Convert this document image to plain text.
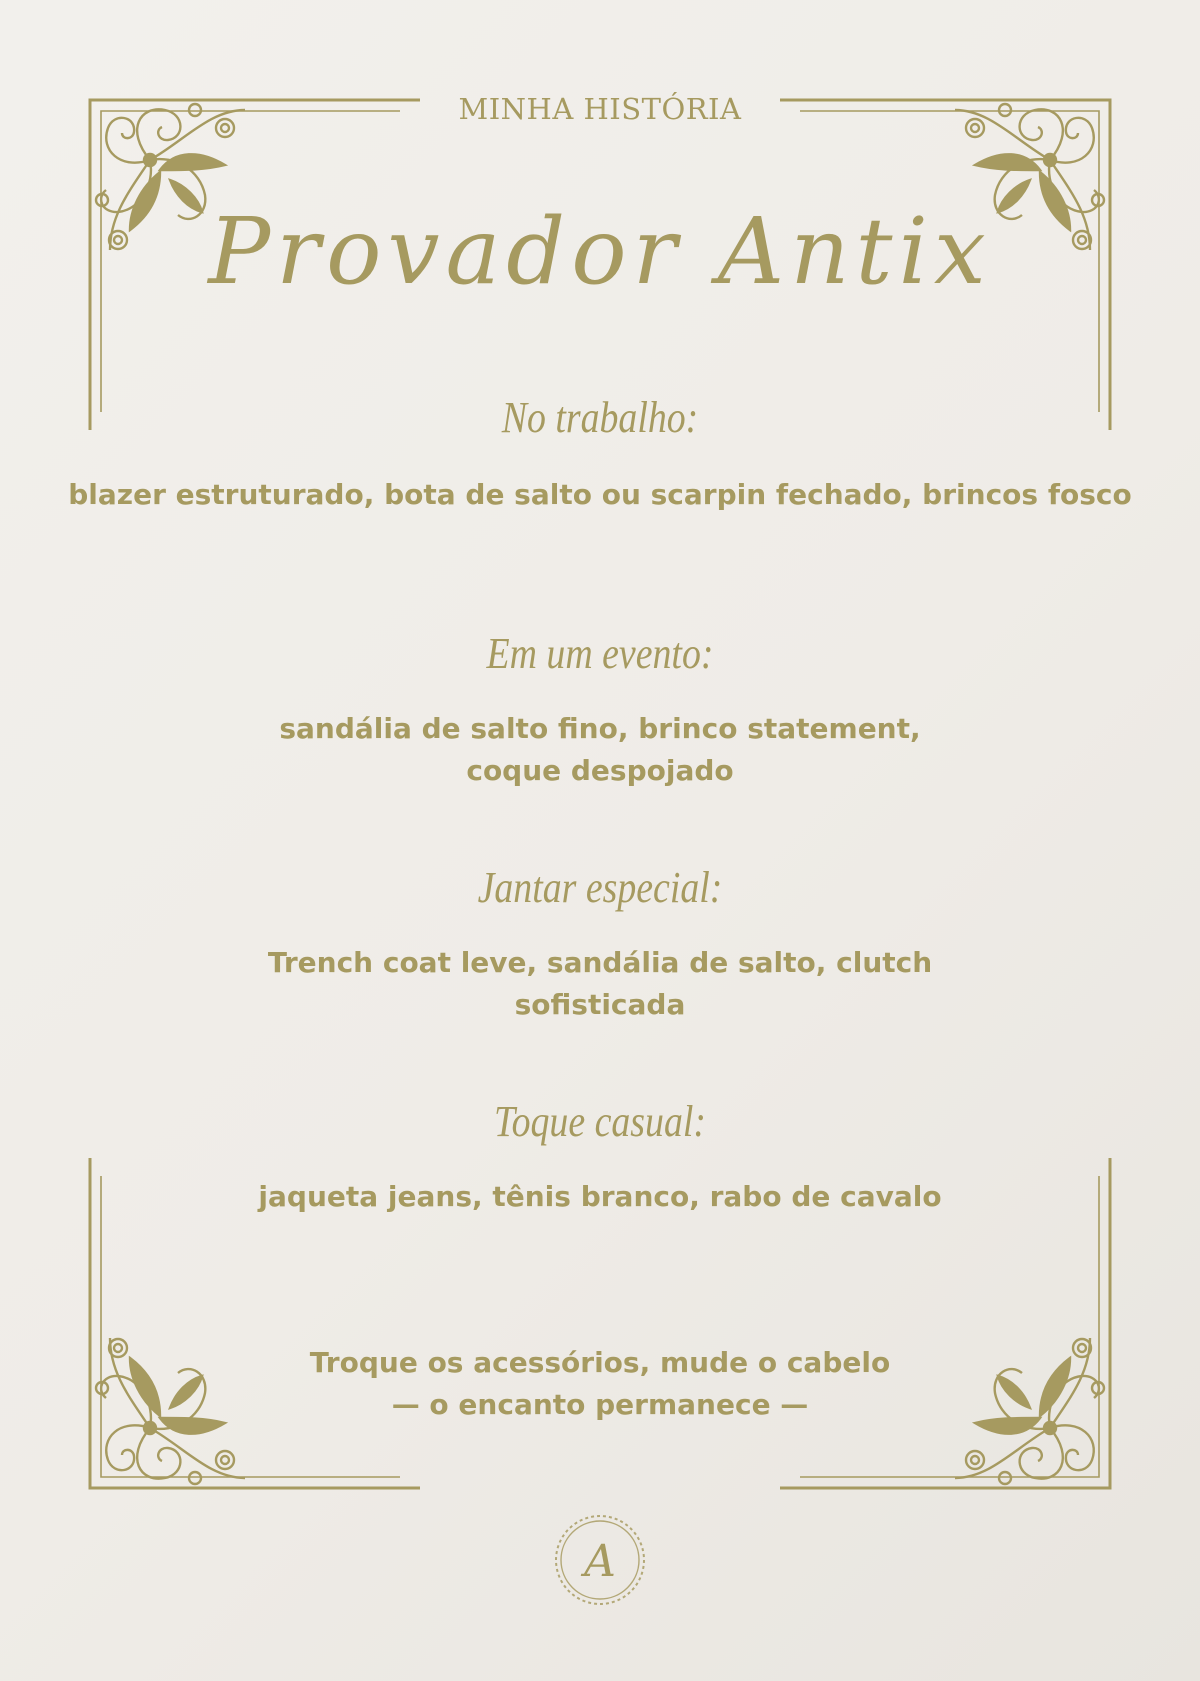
MINHA HISTÓRIA
Provador Antix
No trabalho:
blazer estruturado, bota de salto ou scarpin fechado, brincos fosco
Em um evento:
sandália de salto fino, brinco statement,
coque despojado
Jantar especial:
Trench coat leve, sandália de salto, clutch
sofisticada
Toque casual:
jaqueta jeans, tênis branco, rabo de cavalo
Troque os acessórios, mude o cabelo
— o encanto permanece —
A
